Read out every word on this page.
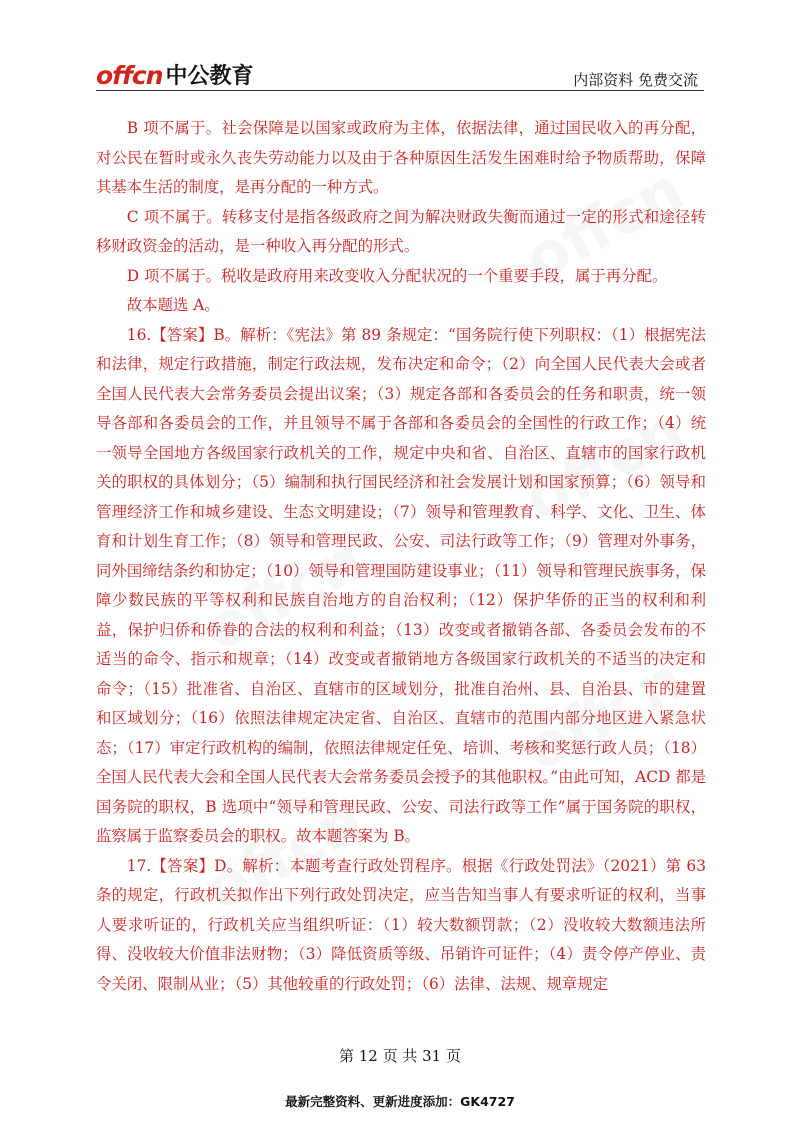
offcn 中公教育	内部资料 免费交流

B 项不属于。社会保障是以国家或政府为主体，依据法律，通过国民收入的再分配，对公民在暂时或永久丧失劳动能力以及由于各种原因生活发生困难时给予物质帮助，保障其基本生活的制度，是再分配的一种方式。

C 项不属于。转移支付是指各级政府之间为解决财政失衡而通过一定的形式和途径转移财政资金的活动，是一种收入再分配的形式。

D 项不属于。税收是政府用来改变收入分配状况的一个重要手段，属于再分配。

故本题选 A。

16.【答案】B。解析：《宪法》第 89 条规定：“国务院行使下列职权：（1）根据宪法和法律，规定行政措施，制定行政法规，发布决定和命令；（2）向全国人民代表大会或者全国人民代表大会常务委员会提出议案；（3）规定各部和各委员会的任务和职责，统一领导各部和各委员会的工作，并且领导不属于各部和各委员会的全国性的行政工作；（4）统一领导全国地方各级国家行政机关的工作，规定中央和省、自治区、直辖市的国家行政机关的职权的具体划分；（5）编制和执行国民经济和社会发展计划和国家预算；（6）领导和管理经济工作和城乡建设、生态文明建设；（7）领导和管理教育、科学、文化、卫生、体育和计划生育工作；（8）领导和管理民政、公安、司法行政等工作；（9）管理对外事务，同外国缔结条约和协定；（10）领导和管理国防建设事业；（11）领导和管理民族事务，保障少数民族的平等权利和民族自治地方的自治权利；（12）保护华侨的正当的权利和利益，保护归侨和侨眷的合法的权利和利益；（13）改变或者撤销各部、各委员会发布的不适当的命令、指示和规章；（14）改变或者撤销地方各级国家行政机关的不适当的决定和命令；（15）批准省、自治区、直辖市的区域划分，批准自治州、县、自治县、市的建置和区域划分；（16）依照法律规定决定省、自治区、直辖市的范围内部分地区进入紧急状态；（17）审定行政机构的编制，依照法律规定任免、培训、考核和奖惩行政人员；（18）全国人民代表大会和全国人民代表大会常务委员会授予的其他职权。”由此可知，ACD 都是国务院的职权，B 选项中“领导和管理民政、公安、司法行政等工作”属于国务院的职权，监察属于监察委员会的职权。故本题答案为 B。

17.【答案】D。解析：本题考查行政处罚程序。根据《行政处罚法》（2021）第 63 条的规定，行政机关拟作出下列行政处罚决定，应当告知当事人有要求听证的权利，当事人要求听证的，行政机关应当组织听证：（1）较大数额罚款；（2）没收较大数额违法所得、没收较大价值非法财物；（3）降低资质等级、吊销许可证件；（4）责令停产停业、责令关闭、限制从业；（5）其他较重的行政处罚；（6）法律、法规、规章规定

第 12 页 共 31 页
最新完整资料、更新进度添加：GK4727
